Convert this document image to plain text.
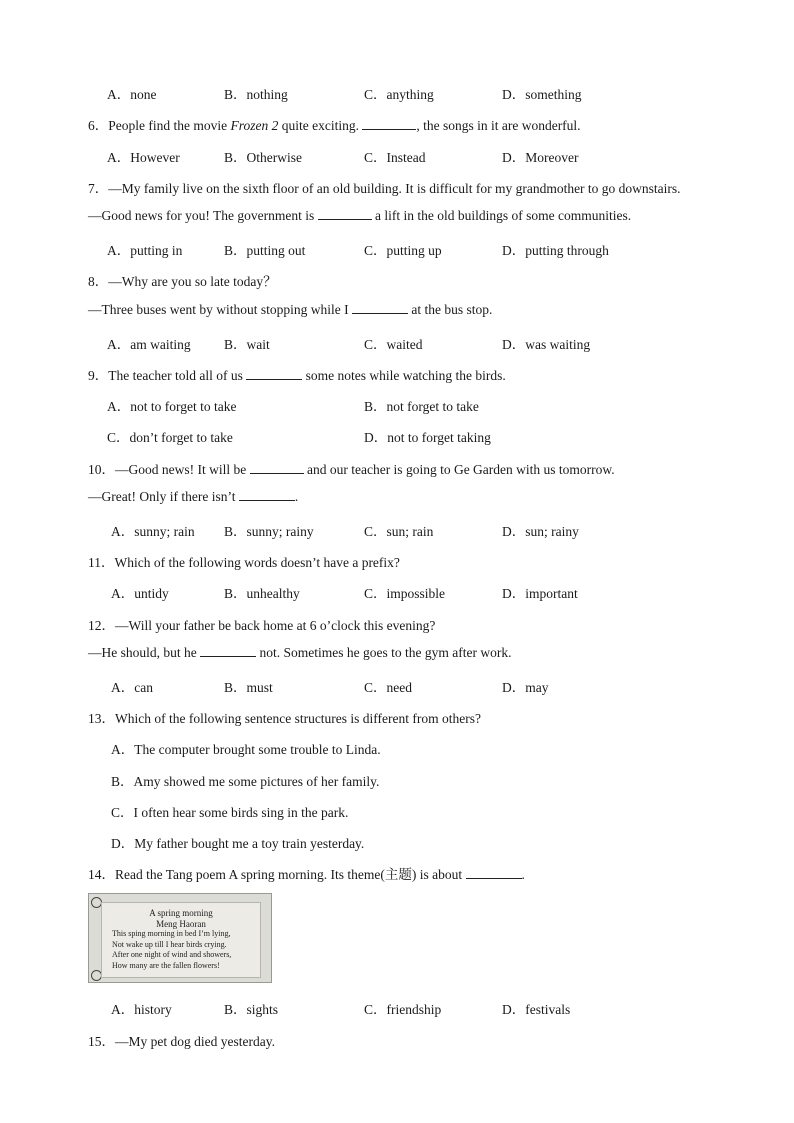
A．none	B．nothing	C．anything	D．something
6．People find the movie Frozen 2 quite exciting.	, the songs in it are wonderful.
A．However	B．Otherwise	C．Instead	D．Moreover
7．—My family live on the sixth floor of an old building. It is difficult for my grandmother to go downstairs.
—Good news for you! The government is	a lift in the old buildings of some communities.
A．putting in	B．putting out	C．putting up	D．putting through
8．—Why are you so late today？
—Three buses went by without stopping while I	at the bus stop.
A．am waiting B．wait	C．waited	D．was waiting
9．The teacher told all of us	some notes while watching the birds.
A．not to forget to take	B．not forget to take
C．don’t forget to take	D．not to forget taking
10．—Good news! It will be	and our teacher is going to Ge Garden with us tomorrow.
—Great! Only if there isn’t	.
A．sunny; rain B．sunny; rainy	C．sun; rain	D．sun; rainy
11．Which of the following words doesn’t have a prefix?
A．untidy	B．unhealthy	C．impossible	D．important
12．—Will your father be back home at 6 o’clock this evening?
—He should, but he	not. Sometimes he goes to the gym after work.
A．can	B．must	C．need	D．may
13．Which of the following sentence structures is different from others?
A．The computer brought some trouble to Linda.
B．Amy showed me some pictures of her family.
C．I often hear some birds sing in the park.
D．My father bought me a toy train yesterday.
14．Read the Tang poem A spring morning. Its theme(主题) is about	.
A spring morning
Meng Haoran
This sping morning in bed I’m lying,
Not wake up till I hear birds crying.
After one night of wind and showers,
How many are the fallen flowers!
A．history	B．sights	C．friendship	D．festivals
15．—My pet dog died yesterday.
